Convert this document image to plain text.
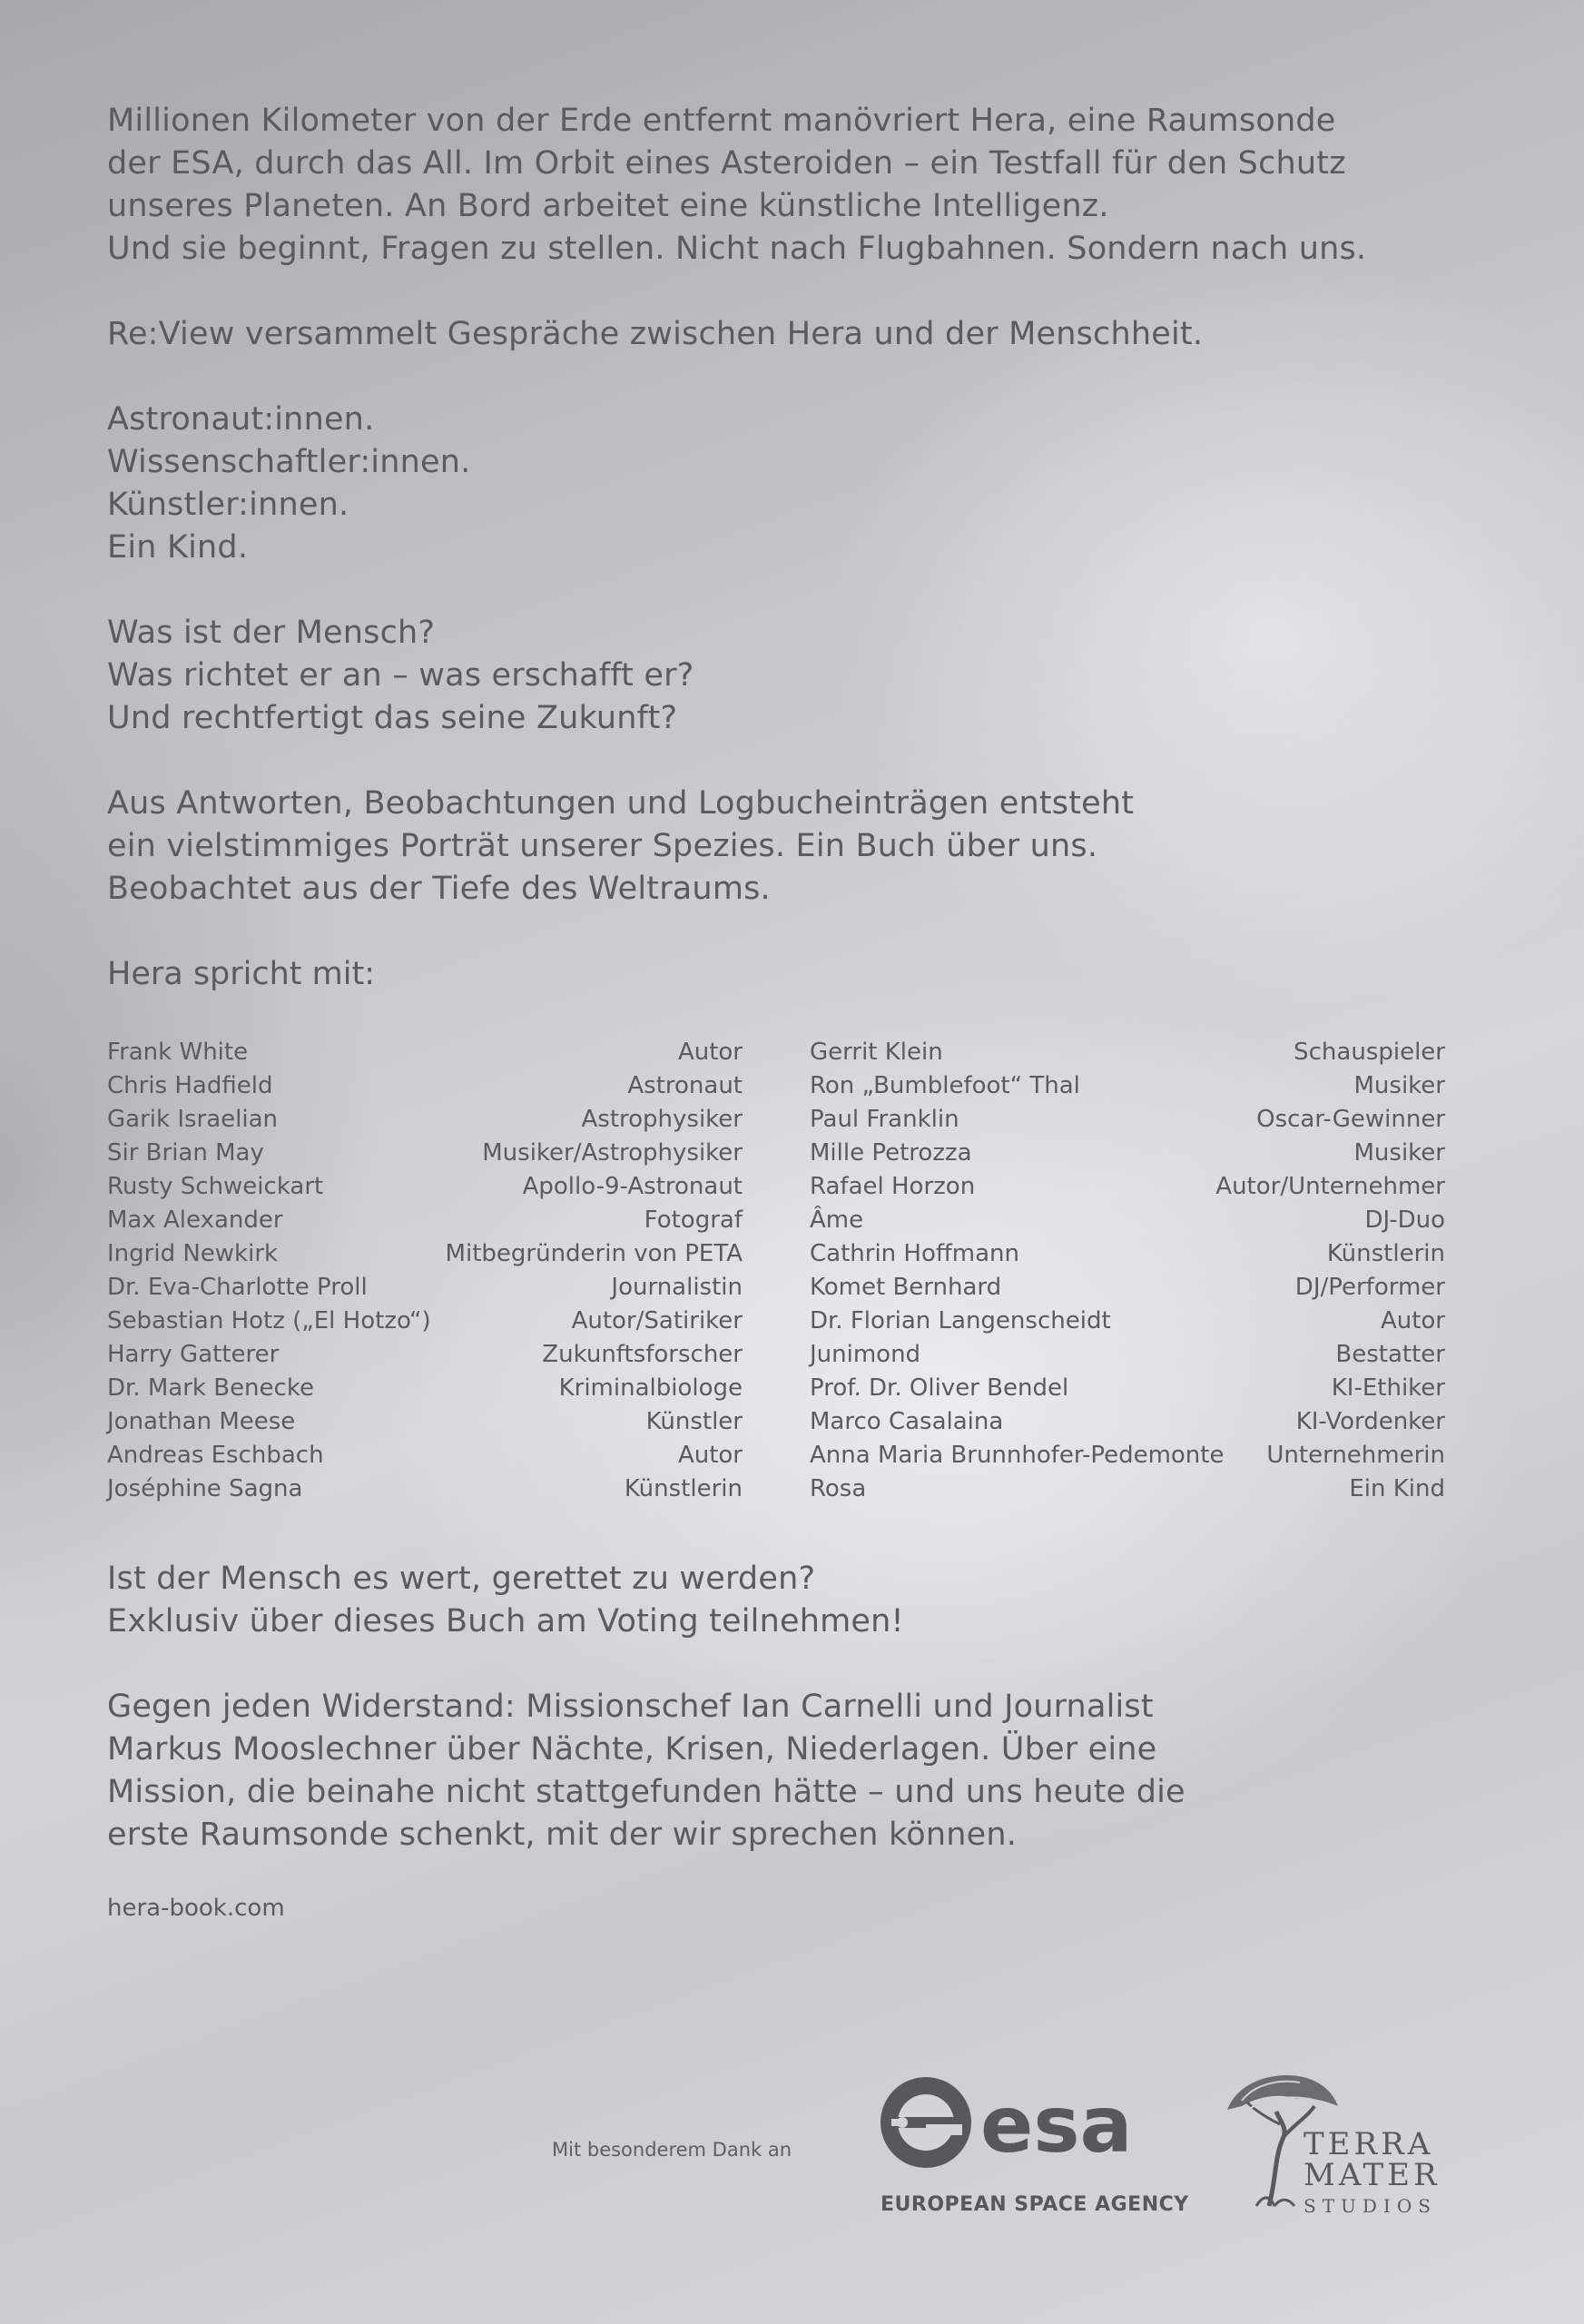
Millionen Kilometer von der Erde entfernt manövriert Hera, eine Raumsonde
der ESA, durch das All. Im Orbit eines Asteroiden – ein Testfall für den Schutz
unseres Planeten. An Bord arbeitet eine künstliche Intelligenz.
Und sie beginnt, Fragen zu stellen. Nicht nach Flugbahnen. Sondern nach uns.
Re:View versammelt Gespräche zwischen Hera und der Menschheit.
Astronaut:innen.
Wissenschaftler:innen.
Künstler:innen.
Ein Kind.
Was ist der Mensch?
Was richtet er an – was erschafft er?
Und rechtfertigt das seine Zukunft?
Aus Antworten, Beobachtungen und Logbucheinträgen entsteht
ein vielstimmiges Porträt unserer Spezies. Ein Buch über uns.
Beobachtet aus der Tiefe des Weltraums.
Hera spricht mit:
Frank White	Autor
Chris Hadfield	Astronaut
Garik Israelian	Astrophysiker
Sir Brian May	Musiker/Astrophysiker
Rusty Schweickart	Apollo-9-Astronaut
Max Alexander	Fotograf
Ingrid Newkirk	Mitbegründerin von PETA
Dr. Eva-Charlotte Proll	Journalistin
Sebastian Hotz („El Hotzo“)	Autor/Satiriker
Harry Gatterer	Zukunftsforscher
Dr. Mark Benecke	Kriminalbiologe
Jonathan Meese	Künstler
Andreas Eschbach	Autor
Joséphine Sagna	Künstlerin
Gerrit Klein	Schauspieler
Ron „Bumblefoot“ Thal	Musiker
Paul Franklin	Oscar-Gewinner
Mille Petrozza	Musiker
Rafael Horzon	Autor/Unternehmer
Âme	DJ-Duo
Cathrin Hoffmann	Künstlerin
Komet Bernhard	DJ/Performer
Dr. Florian Langenscheidt	Autor
Junimond	Bestatter
Prof. Dr. Oliver Bendel	KI-Ethiker
Marco Casalaina	KI-Vordenker
Anna Maria Brunnhofer-Pedemonte Unternehmerin
Rosa	Ein Kind
Ist der Mensch es wert, gerettet zu werden?
Exklusiv über dieses Buch am Voting teilnehmen!
Gegen jeden Widerstand: Missionschef Ian Carnelli und Journalist
Markus Mooslechner über Nächte, Krisen, Niederlagen. Über eine
Mission, die beinahe nicht stattgefunden hätte – und uns heute die
erste Raumsonde schenkt, mit der wir sprechen können.
hera-book.com
Mit besonderem Dank an esa
EUROPEAN SPACE AGENCY
TERRA
MATER
STUDIOS
